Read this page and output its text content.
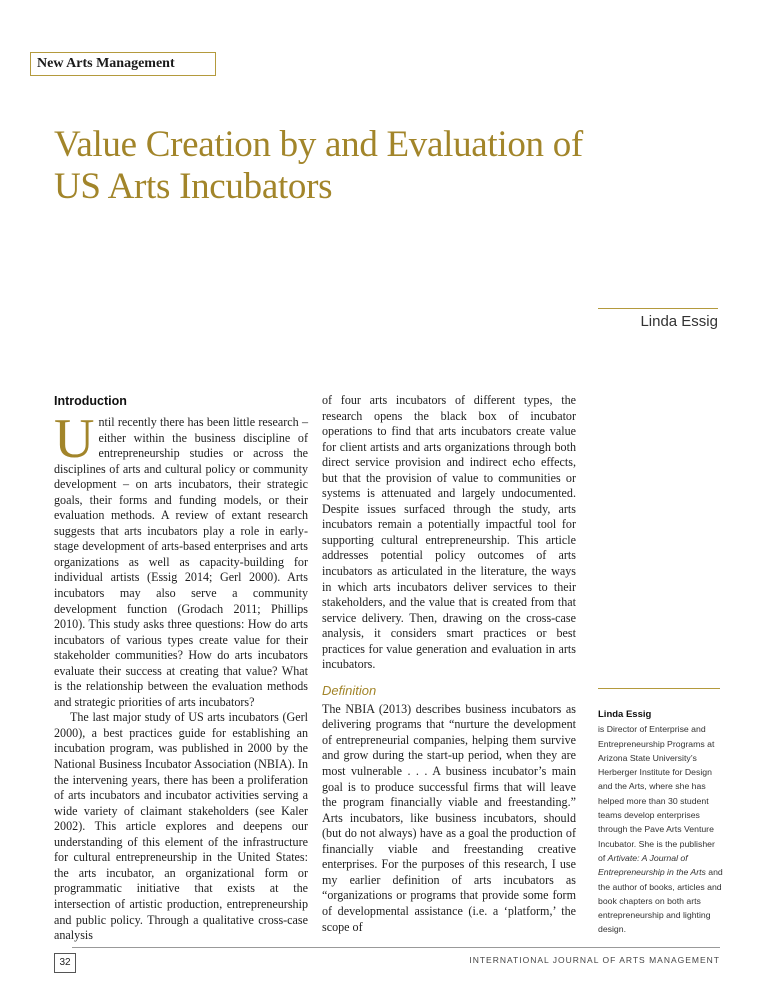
New Arts Management
Value Creation by and Evaluation of US Arts Incubators
Linda Essig
Introduction

Until recently there has been little research – either within the business discipline of entrepreneurship studies or across the disciplines of arts and cultural policy or community development – on arts incubators, their strategic goals, their forms and funding models, or their evaluation methods. A review of extant research suggests that arts incubators play a role in early-stage development of arts-based enterprises and arts organizations as well as capacity-building for individual artists (Essig 2014; Gerl 2000). Arts incubators may also serve a community development function (Grodach 2011; Phillips 2010). This study asks three questions: How do arts incubators of various types create value for their stakeholder communities? How do arts incubators evaluate their success at creating that value? What is the relationship between the evaluation methods and strategic priorities of arts incubators?

The last major study of US arts incubators (Gerl 2000), a best practices guide for establishing an incubation program, was published in 2000 by the National Business Incubator Association (NBIA). In the intervening years, there has been a proliferation of arts incubators and incubator activities serving a wide variety of claimant stakeholders (see Kaler 2002). This article explores and deepens our understanding of this element of the infrastructure for cultural entrepreneurship in the United States: the arts incubator, an organizational form or programmatic initiative that exists at the intersection of artistic production, entrepreneurship and public policy. Through a qualitative cross-case analysis

of four arts incubators of different types, the research opens the black box of incubator operations to find that arts incubators create value for client artists and arts organizations through both direct service provision and indirect echo effects, but that the provision of value to communities or systems is attenuated and largely undocumented. Despite issues surfaced through the study, arts incubators remain a potentially impactful tool for supporting cultural entrepreneurship. This article addresses potential policy outcomes of arts incubators as articulated in the literature, the ways in which arts incubators deliver services to their stakeholders, and the value that is created from that service delivery. Then, drawing on the cross-case analysis, it considers smart practices or best practices for value generation and evaluation in arts incubators.

Definition

The NBIA (2013) describes business incubators as delivering programs that “nurture the development of entrepreneurial companies, helping them survive and grow during the start-up period, when they are most vulnerable . . . A business incubator’s main goal is to produce successful firms that will leave the program financially viable and freestanding.” Arts incubators, like business incubators, should (but do not always) have as a goal the production of financially viable and freestanding creative enterprises. For the purposes of this research, I use my earlier definition of arts incubators as “organizations or programs that provide some form of developmental assistance (i.e. a ‘platform,’ the scope of

Linda Essig
is Director of Enterprise and Entrepreneurship Programs at Arizona State University’s Herberger Institute for Design and the Arts, where she has helped more than 30 student teams develop enterprises through the Pave Arts Venture Incubator. She is the publisher of Artivate: A Journal of Entrepreneurship in the Arts and the author of books, articles and book chapters on both arts entrepreneurship and lighting design.
32	INTERNATIONAL JOURNAL OF ARTS MANAGEMENT
